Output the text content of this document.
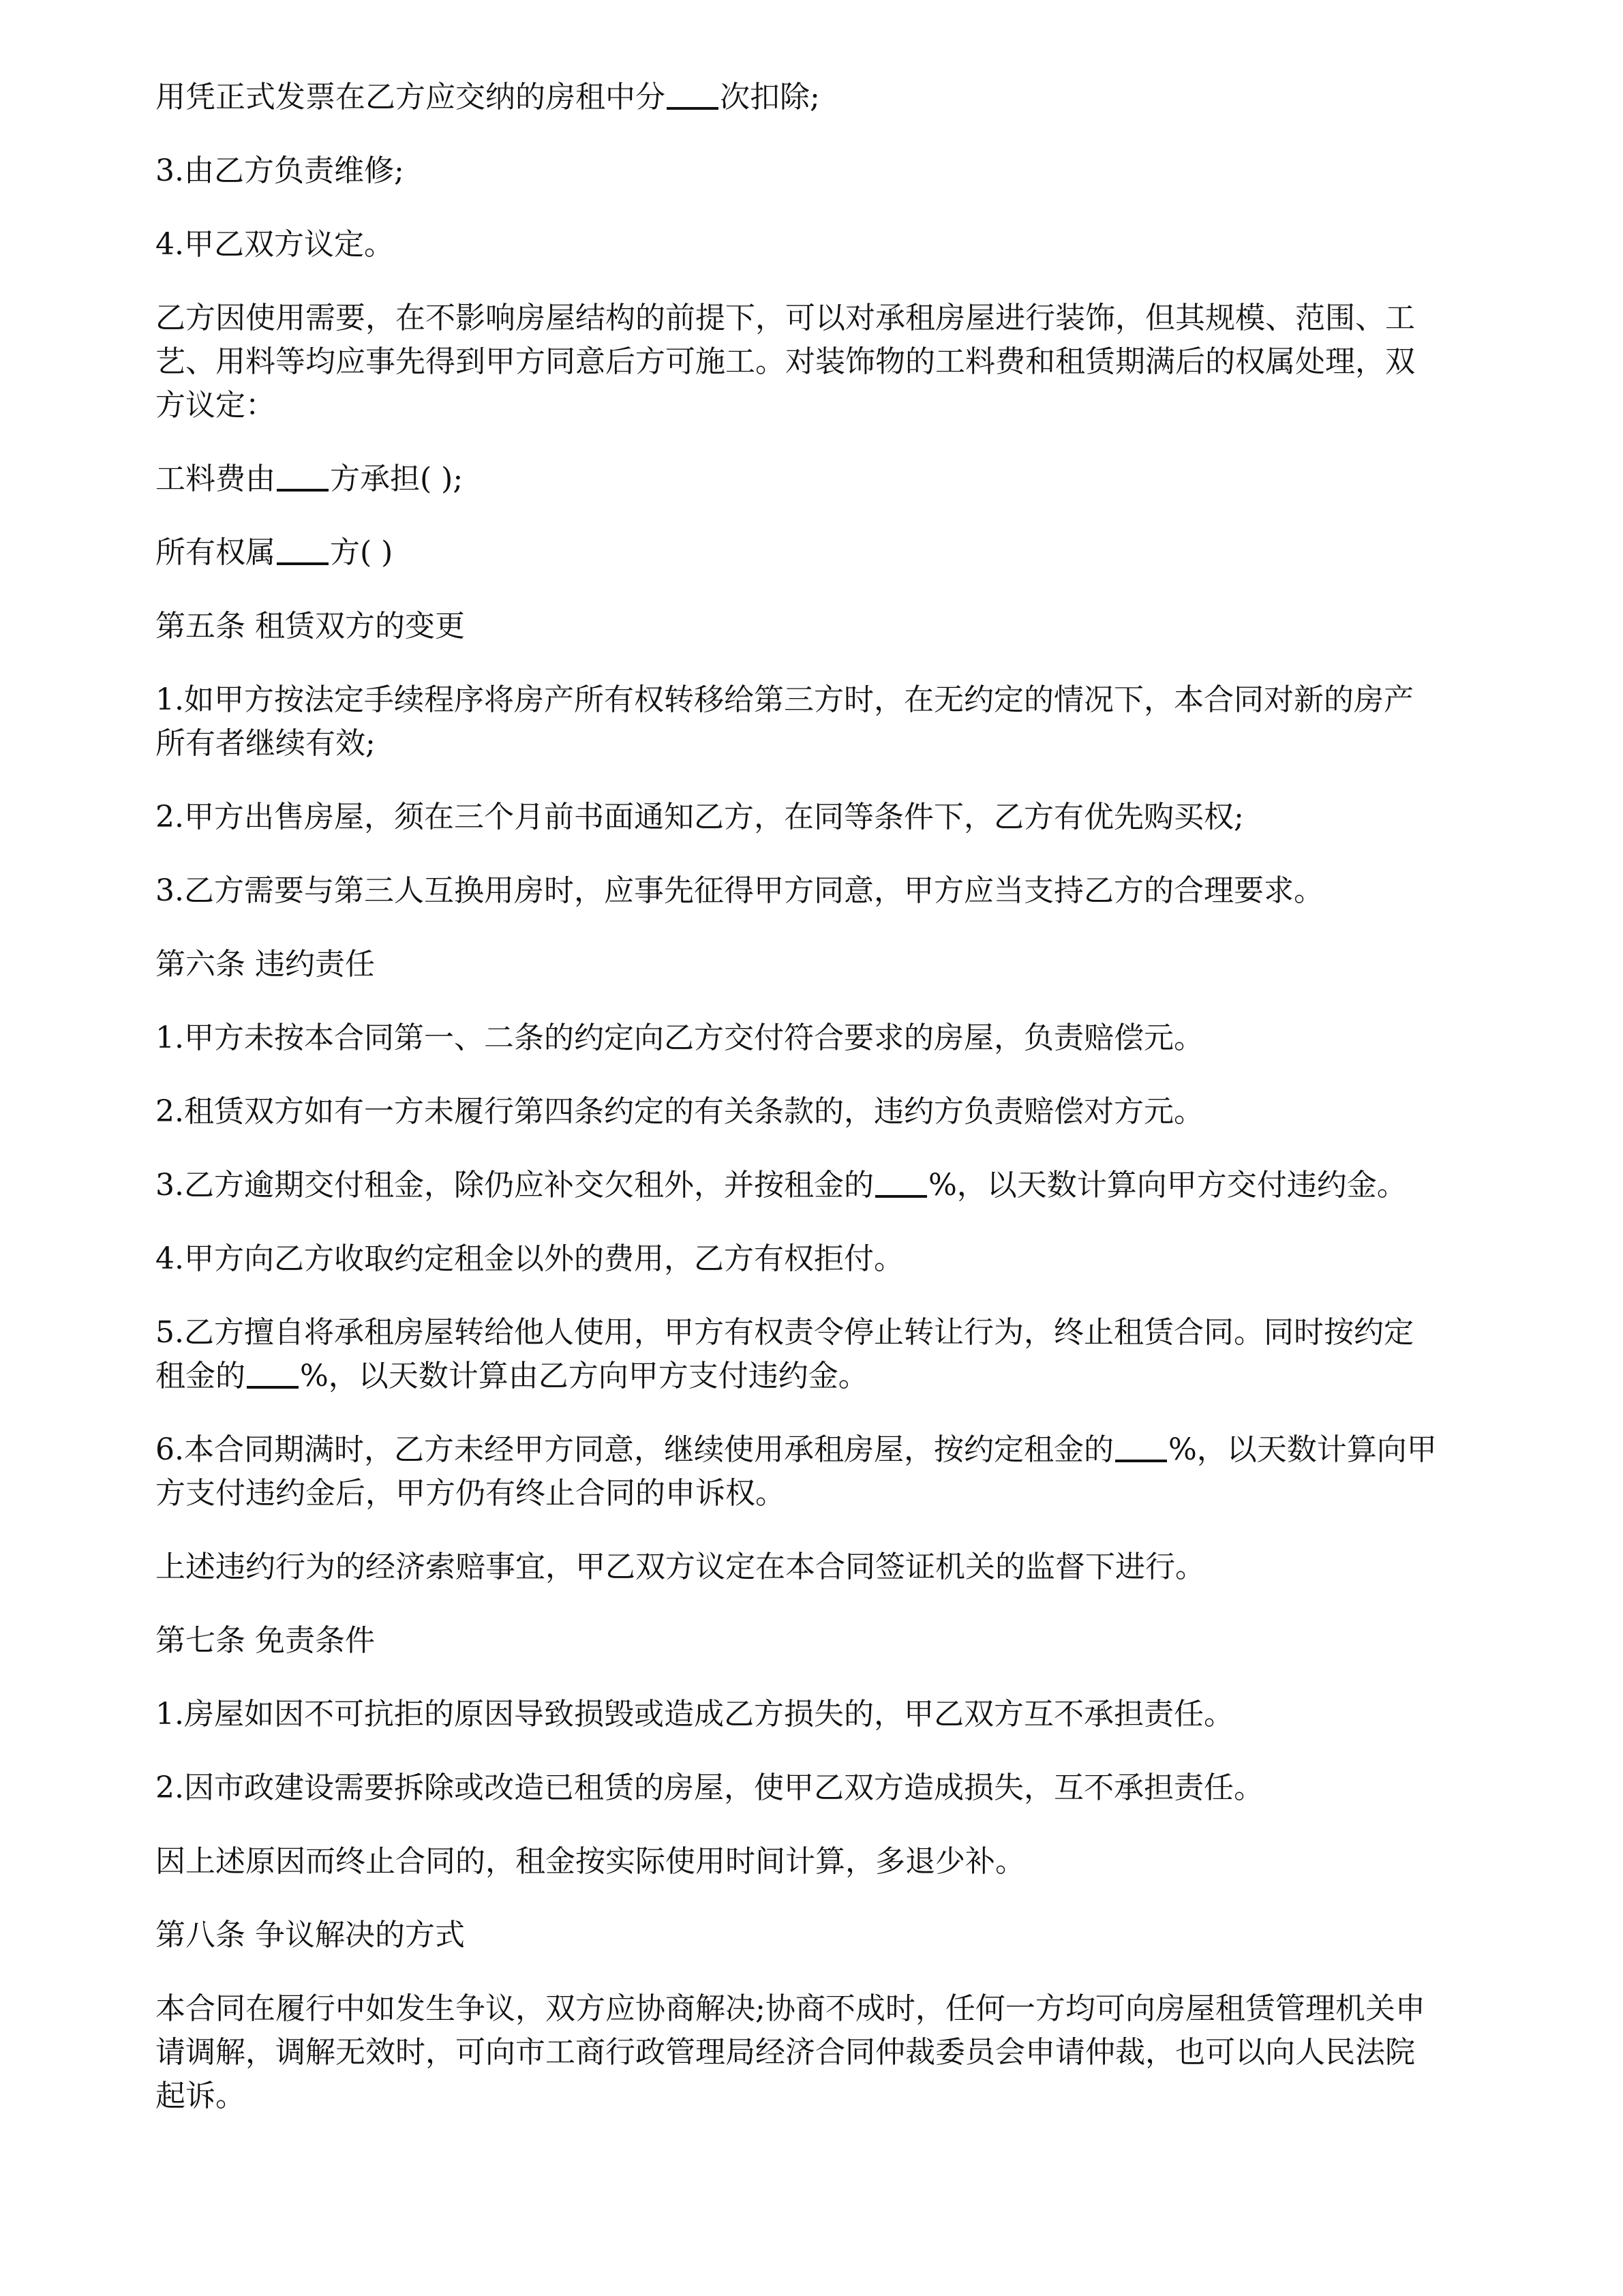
用凭正式发票在乙方应交纳的房租中分 次扣除;

3.由乙方负责维修;

4.甲乙双方议定。

乙方因使用需要，在不影响房屋结构的前提下，可以对承租房屋进行装饰，但其规模、范围、工
艺、用料等均应事先得到甲方同意后方可施工。对装饰物的工料费和租赁期满后的权属处理，双
方议定：

工料费由 方承担( );

所有权属 方( )

第五条 租赁双方的变更

1.如甲方按法定手续程序将房产所有权转移给第三方时，在无约定的情况下，本合同对新的房产
所有者继续有效;

2.甲方出售房屋，须在三个月前书面通知乙方，在同等条件下，乙方有优先购买权;

3.乙方需要与第三人互换用房时，应事先征得甲方同意，甲方应当支持乙方的合理要求。

第六条 违约责任

1.甲方未按本合同第一、二条的约定向乙方交付符合要求的房屋，负责赔偿元。

2.租赁双方如有一方未履行第四条约定的有关条款的，违约方负责赔偿对方元。

3.乙方逾期交付租金，除仍应补交欠租外，并按租金的 %，以天数计算向甲方交付违约金。

4.甲方向乙方收取约定租金以外的费用，乙方有权拒付。

5.乙方擅自将承租房屋转给他人使用，甲方有权责令停止转让行为，终止租赁合同。同时按约定
租金的 %，以天数计算由乙方向甲方支付违约金。

6.本合同期满时，乙方未经甲方同意，继续使用承租房屋，按约定租金的 %，以天数计算向甲
方支付违约金后，甲方仍有终止合同的申诉权。

上述违约行为的经济索赔事宜，甲乙双方议定在本合同签证机关的监督下进行。

第七条 免责条件

1.房屋如因不可抗拒的原因导致损毁或造成乙方损失的，甲乙双方互不承担责任。

2.因市政建设需要拆除或改造已租赁的房屋，使甲乙双方造成损失，互不承担责任。

因上述原因而终止合同的，租金按实际使用时间计算，多退少补。

第八条 争议解决的方式

本合同在履行中如发生争议，双方应协商解决;协商不成时，任何一方均可向房屋租赁管理机关申
请调解，调解无效时，可向市工商行政管理局经济合同仲裁委员会申请仲裁，也可以向人民法院
起诉。
